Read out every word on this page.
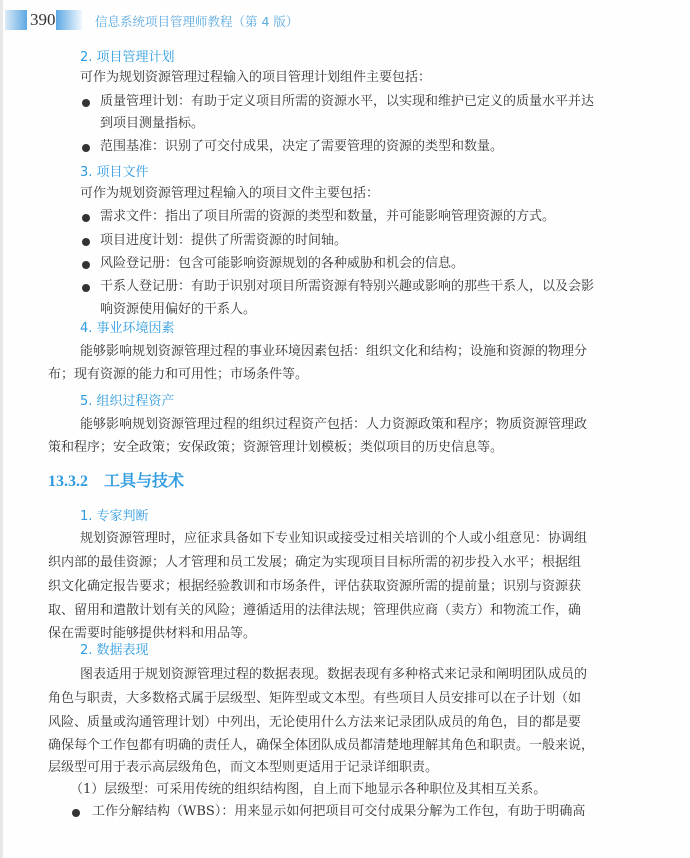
390	信息系统项目管理师教程（第 4 版）
2. 项目管理计划
可作为规划资源管理过程输入的项目管理计划组件主要包括：
质量管理计划：有助于定义项目所需的资源水平，以实现和维护已定义的质量水平并达
到项目测量指标。
范围基准：识别了可交付成果，决定了需要管理的资源的类型和数量。
3. 项目文件
可作为规划资源管理过程输入的项目文件主要包括：
需求文件：指出了项目所需的资源的类型和数量，并可能影响管理资源的方式。
项目进度计划：提供了所需资源的时间轴。
风险登记册：包含可能影响资源规划的各种威胁和机会的信息。
干系人登记册：有助于识别对项目所需资源有特别兴趣或影响的那些干系人，以及会影
响资源使用偏好的干系人。
4. 事业环境因素
能够影响规划资源管理过程的事业环境因素包括：组织文化和结构；设施和资源的物理分
布；现有资源的能力和可用性；市场条件等。
5. 组织过程资产
能够影响规划资源管理过程的组织过程资产包括：人力资源政策和程序；物质资源管理政
策和程序；安全政策；安保政策；资源管理计划模板；类似项目的历史信息等。
13.3.2　工具与技术
1. 专家判断
规划资源管理时，应征求具备如下专业知识或接受过相关培训的个人或小组意见：协调组
织内部的最佳资源；人才管理和员工发展；确定为实现项目目标所需的初步投入水平；根据组
织文化确定报告要求；根据经验教训和市场条件，评估获取资源所需的提前量；识别与资源获
取、留用和遣散计划有关的风险；遵循适用的法律法规；管理供应商（卖方）和物流工作，确
保在需要时能够提供材料和用品等。
2. 数据表现
图表适用于规划资源管理过程的数据表现。数据表现有多种格式来记录和阐明团队成员的
角色与职责，大多数格式属于层级型、矩阵型或文本型。有些项目人员安排可以在子计划（如
风险、质量或沟通管理计划）中列出，无论使用什么方法来记录团队成员的角色，目的都是要
确保每个工作包都有明确的责任人，确保全体团队成员都清楚地理解其角色和职责。一般来说，
层级型可用于表示高层级角色，而文本型则更适用于记录详细职责。
（1）层级型：可采用传统的组织结构图，自上而下地显示各种职位及其相互关系。
工作分解结构（WBS）：用来显示如何把项目可交付成果分解为工作包，有助于明确高
